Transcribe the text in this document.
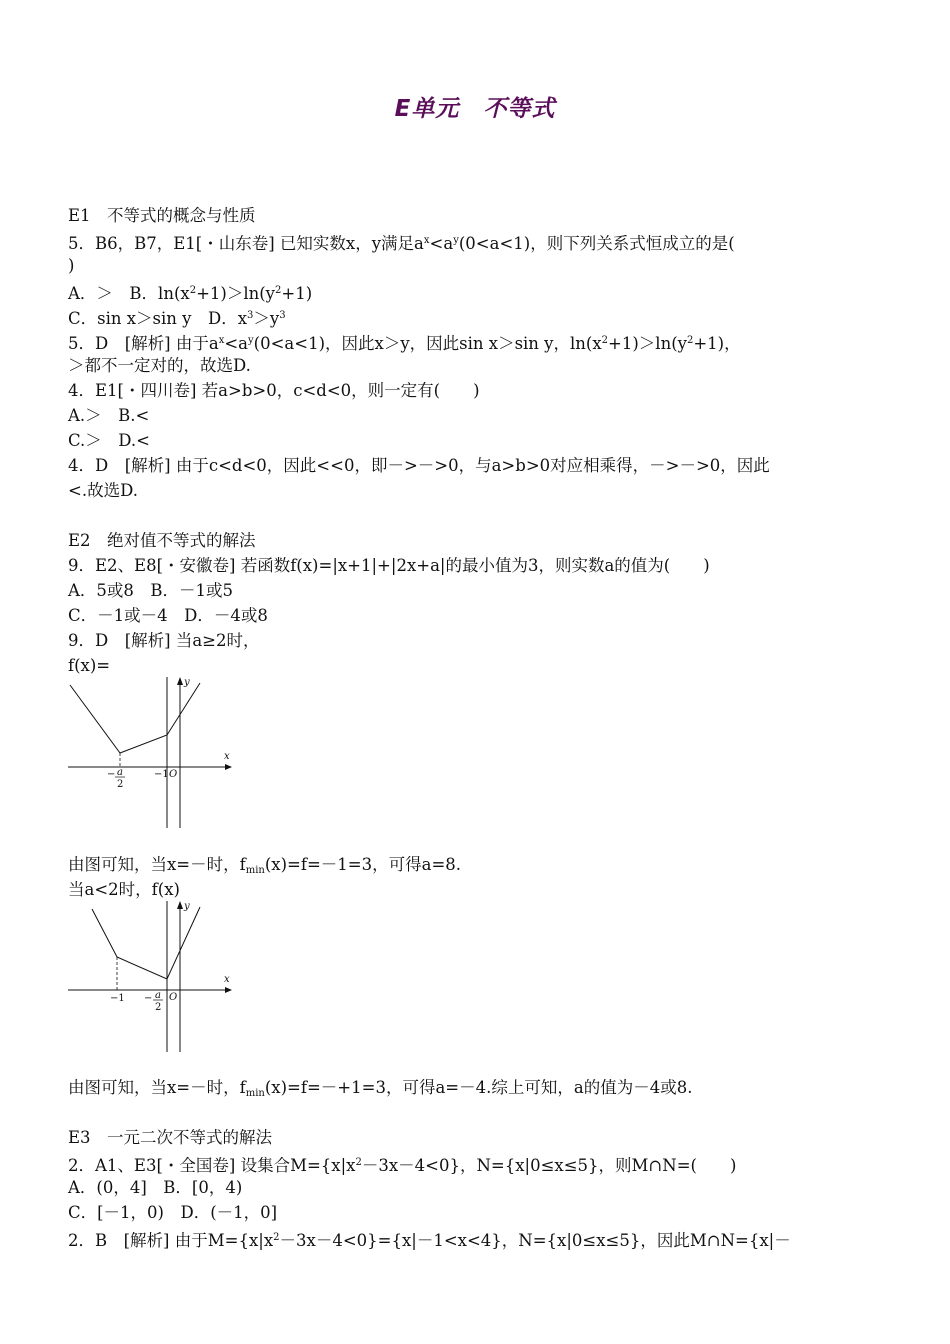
E单元　不等式
E1　不等式的概念与性质
5．B6，B7，E1[・山东卷] 已知实数x，y满足$a^x<a^y(0<a<1)$，则下列关系式恒成立的是(
)
A．＞　B．$\ln(x^2+1)>\ln(y^2+1)$
C．sin x＞sin y　D．$x^3>y^3$
5．D　[解析] 由于$a^x<a^y(0<a<1)$，因此x＞y，因此sin x＞sin y，$\ln(x^2+1)>\ln(y^2+1)$，
＞都不一定对的，故选D.
4．E1[・四川卷] 若a>b>0，c<d<0，则一定有(　　)
A.＞　B.<
C.＞　D.<
4．D　[解析] 由于c<d<0，因此<<0，即－>－>0，与a>b>0对应相乘得，－>－>0，因此
<.故选D.
E2　绝对值不等式的解法
9．E2、E8[・安徽卷] 若函数f(x)=|x+1|+|2x+a|的最小值为3，则实数a的值为(　　)
A．5或8　B．－1或5
C．－1或－4　D．－4或8
9．D　[解析] 当a≥2时，
f(x)=
y
x
O
−1
− a
2
由图可知，当x=－时，$f_{min}(x)=f=-1=3$，可得a=8.
当a<2时，f(x)
y
x
O
−1 − a
2
由图可知，当x=－时，$f_{min}(x)=f=-+1=3$，可得a=－4.综上可知，a的值为－4或8.
E3　一元二次不等式的解法
2．A1、E3[・全国卷] 设集合$M=\{x|x^2-3x-4<0\}$，N={x|0≤x≤5}，则M∩N=(　　)
A．(0，4]　B．[0，4)
C．[－1，0)　D．(－1，0]
2．B　[解析] 由于$M=\{x|x^2-3x-4<0\}=\{x|-1<x<4\}$，N={x|0≤x≤5}，因此M∩N={x|－
